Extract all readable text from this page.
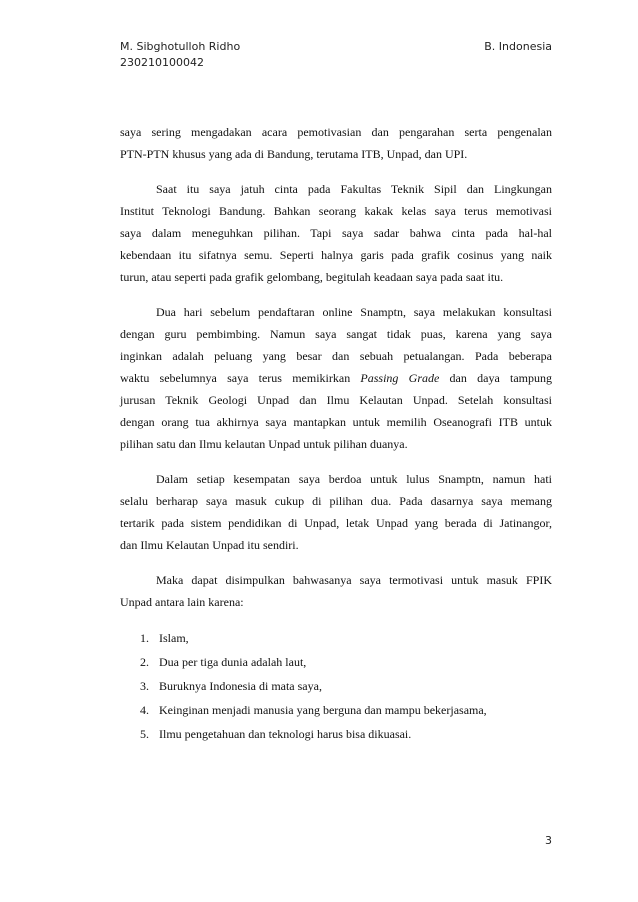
M. Sibghotulloh Ridho	B. Indonesia
230210100042
saya sering mengadakan acara pemotivasian dan pengarahan serta pengenalan
PTN-PTN khusus yang ada di Bandung, terutama ITB, Unpad, dan UPI.
Saat itu saya jatuh cinta pada Fakultas Teknik Sipil dan Lingkungan
Institut Teknologi Bandung. Bahkan seorang kakak kelas saya terus memotivasi
saya dalam meneguhkan pilihan. Tapi saya sadar bahwa cinta pada hal-hal
kebendaan itu sifatnya semu. Seperti halnya garis pada grafik cosinus yang naik
turun, atau seperti pada grafik gelombang, begitulah keadaan saya pada saat itu.
Dua hari sebelum pendaftaran online Snamptn, saya melakukan konsultasi
dengan guru pembimbing. Namun saya sangat tidak puas, karena yang saya
inginkan adalah peluang yang besar dan sebuah petualangan. Pada beberapa
waktu sebelumnya saya terus memikirkan Passing Grade dan daya tampung
jurusan Teknik Geologi Unpad dan Ilmu Kelautan Unpad. Setelah konsultasi
dengan orang tua akhirnya saya mantapkan untuk memilih Oseanografi ITB untuk
pilihan satu dan Ilmu kelautan Unpad untuk pilihan duanya.
Dalam setiap kesempatan saya berdoa untuk lulus Snamptn, namun hati
selalu berharap saya masuk cukup di pilihan dua. Pada dasarnya saya memang
tertarik pada sistem pendidikan di Unpad, letak Unpad yang berada di Jatinangor,
dan Ilmu Kelautan Unpad itu sendiri.
Maka dapat disimpulkan bahwasanya saya termotivasi untuk masuk FPIK
Unpad antara lain karena:
1. Islam,
2. Dua per tiga dunia adalah laut,
3. Buruknya Indonesia di mata saya,
4. Keinginan menjadi manusia yang berguna dan mampu bekerjasama,
5. Ilmu pengetahuan dan teknologi harus bisa dikuasai.
3
